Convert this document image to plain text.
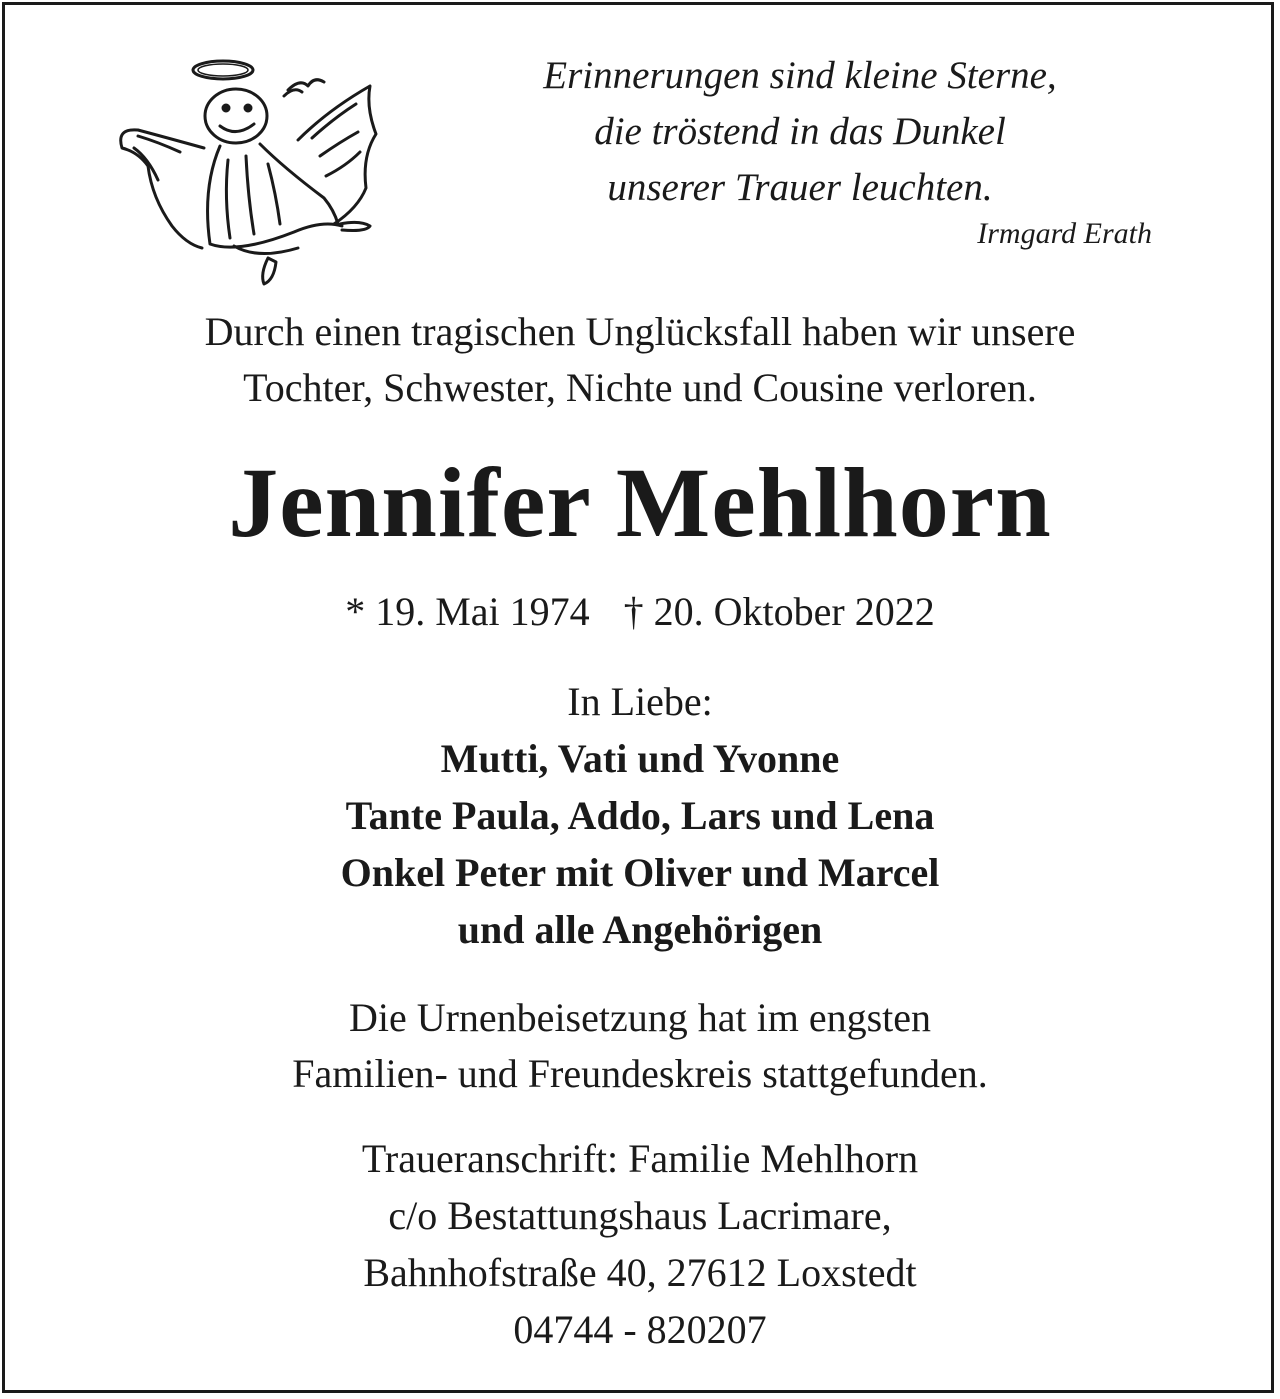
Erinnerungen sind kleine Sterne,
die tröstend in das Dunkel
unserer Trauer leuchten.
Irmgard Erath
Durch einen tragischen Unglücksfall haben wir unsere
Tochter, Schwester, Nichte und Cousine verloren.
Jennifer Mehlhorn
* 19. Mai 1974 † 20. Oktober 2022
In Liebe:
Mutti, Vati und Yvonne
Tante Paula, Addo, Lars und Lena
Onkel Peter mit Oliver und Marcel
und alle Angehörigen
Die Urnenbeisetzung hat im engsten
Familien- und Freundeskreis stattgefunden.
Traueranschrift: Familie Mehlhorn
c/o Bestattungshaus Lacrimare,
Bahnhofstraße 40, 27612 Loxstedt
04744 - 820207
